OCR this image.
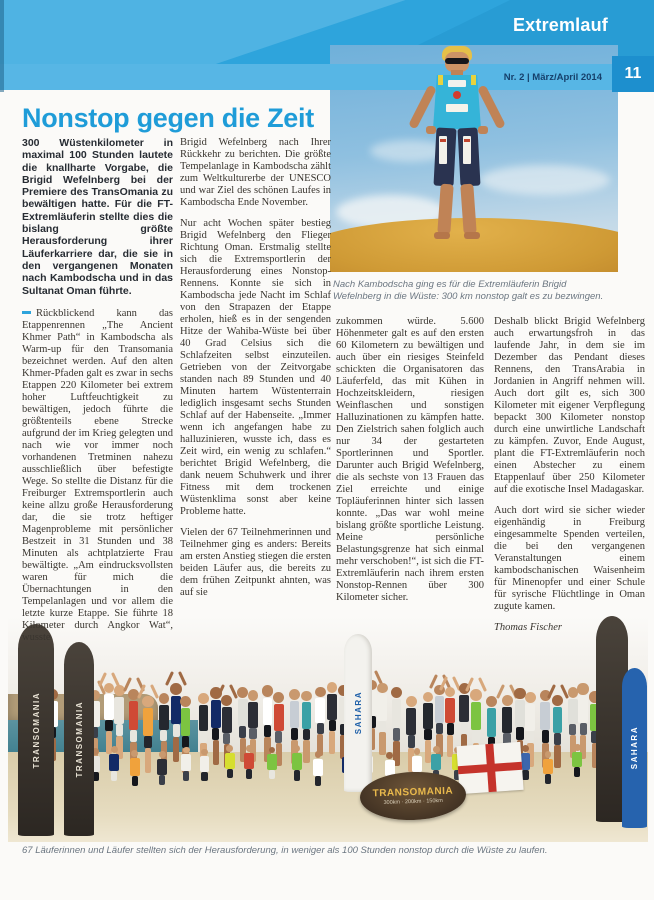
Extremlauf
Nr. 2 | März/April 2014 11
Nach Kambodscha ging es für die Extremläuferin Brigid Wefelnberg in die Wüste: 300 km nonstop galt es zu bezwingen.
Nonstop gegen die Zeit

300 Wüstenkilometer in maximal 100 Stunden lautete die knallharte Vorgabe, die Brigid Wefelnberg bei der Premiere des TransOmania zu bewältigen hatte. Für die FT-Extremläuferin stellte dies die bislang größte Herausforderung ihrer Läuferkarriere dar, die sie in den vergangenen Monaten nach Kambodscha und in das Sultanat Oman führte.

Rückblickend kann das Etappenrennen „The Ancient Khmer Path“ in Kambodscha als Warm-up für den Transomania bezeichnet werden. Auf den alten Khmer-Pfaden galt es zwar in sechs Etappen 220 Kilometer bei extrem hoher Luftfeuchtigkeit zu bewältigen, jedoch führte die größtenteils ebene Strecke aufgrund der im Krieg gelegten und nach wie vor immer noch vorhandenen Tretminen nahezu ausschließlich über befestigte Wege. So stellte die Distanz für die Freiburger Extremsportlerin auch keine allzu große Herausforderung dar, die sie trotz heftiger Magenprobleme mit persönlicher Bestzeit in 31 Stunden und 38 Minuten als achtplatzierte Frau bewältigte. „Am eindrucksvollsten waren für mich die Übernachtungen in den Tempelanlagen und vor allem die letzte kurze Etappe. Sie führte 18 Kilometer durch Angkor Wat“, wusste

Brigid Wefelnberg nach Ihrer Rückkehr zu berichten. Die größte Tempelanlage in Kambodscha zählt zum Weltkulturerbe der UNESCO und war Ziel des schönen Laufes in Kambodscha Ende November.

Nur acht Wochen später bestieg Brigid Wefelnberg den Flieger Richtung Oman. Erstmalig stellte sich die Extremsportlerin der Herausforderung eines Nonstop-Rennens. Konnte sie sich in Kambodscha jede Nacht im Schlaf von den Strapazen der Etappe erholen, hieß es in der sengenden Hitze der Wahiba-Wüste bei über 40 Grad Celsius sich die Schlafzeiten selbst einzuteilen. Getrieben von der Zeitvorgabe standen nach 89 Stunden und 40 Minuten hartem Wüstenterrain lediglich insgesamt sechs Stunden Schlaf auf der Habenseite. „Immer wenn ich angefangen habe zu halluzinieren, wusste ich, dass es Zeit wird, ein wenig zu schlafen.“ berichtet Brigid Wefelnberg, die dank neuem Schuhwerk und ihrer Fitness mit dem trockenen Wüstenklima sonst aber keine Probleme hatte.

Vielen der 67 Teilnehmerinnen und Teilnehmer ging es anders: Bereits am ersten Anstieg stiegen die ersten beiden Läufer aus, die bereits zu dem frühen Zeitpunkt ahnten, was auf sie

zukommen würde. 5.600 Höhenmeter galt es auf den ersten 60 Kilometern zu bewältigen und auch über ein riesiges Steinfeld schickten die Organisatoren das Läuferfeld, das mit Kühen in Hochzeitskleidern, riesigen Weinflaschen und sonstigen Halluzinationen zu kämpfen hatte. Den Zielstrich sahen folglich auch nur 34 der gestarteten Sportlerinnen und Sportler. Darunter auch Brigid Wefelnberg, die als sechste von 13 Frauen das Ziel erreichte und einige Topläuferinnen hinter sich lassen konnte. „Das war wohl meine bislang größte sportliche Leistung. Meine persönliche Belastungsgrenze hat sich einmal mehr verschoben!“, ist sich die FT-Extremläuferin nach ihrem ersten Nonstop-Rennen über 300 Kilometer sicher.

Deshalb blickt Brigid Wefelnberg auch erwartungsfroh in das laufende Jahr, in dem sie im Dezember das Pendant dieses Rennens, den TransArabia in Jordanien in Angriff nehmen will. Auch dort gilt es, sich 300 Kilometer mit eigener Verpflegung bepackt 300 Kilometer nonstop durch eine unwirtliche Landschaft zu kämpfen. Zuvor, Ende August, plant die FT-Extremläuferin noch einen Abstecher zu einem Etappenlauf über 250 Kilometer auf die exotische Insel Madagaskar.

Auch dort wird sie sicher wieder eigenhändig in Freiburg eingesammelte Spenden verteilen, die bei den vergangenen Veranstaltungen einem kambodschanischen Waisenheim für Minenopfer und einer Schule für syrische Flüchtlinge in Oman zugute kamen.

Thomas Fischer

TRANSOMANIA	TRANSOMANIA	SAHARA
SAHARA
TRANSOMANIA
300km · 200km · 150km
67 Läuferinnen und Läufer stellten sich der Herausforderung, in weniger als 100 Stunden nonstop durch die Wüste zu laufen.
